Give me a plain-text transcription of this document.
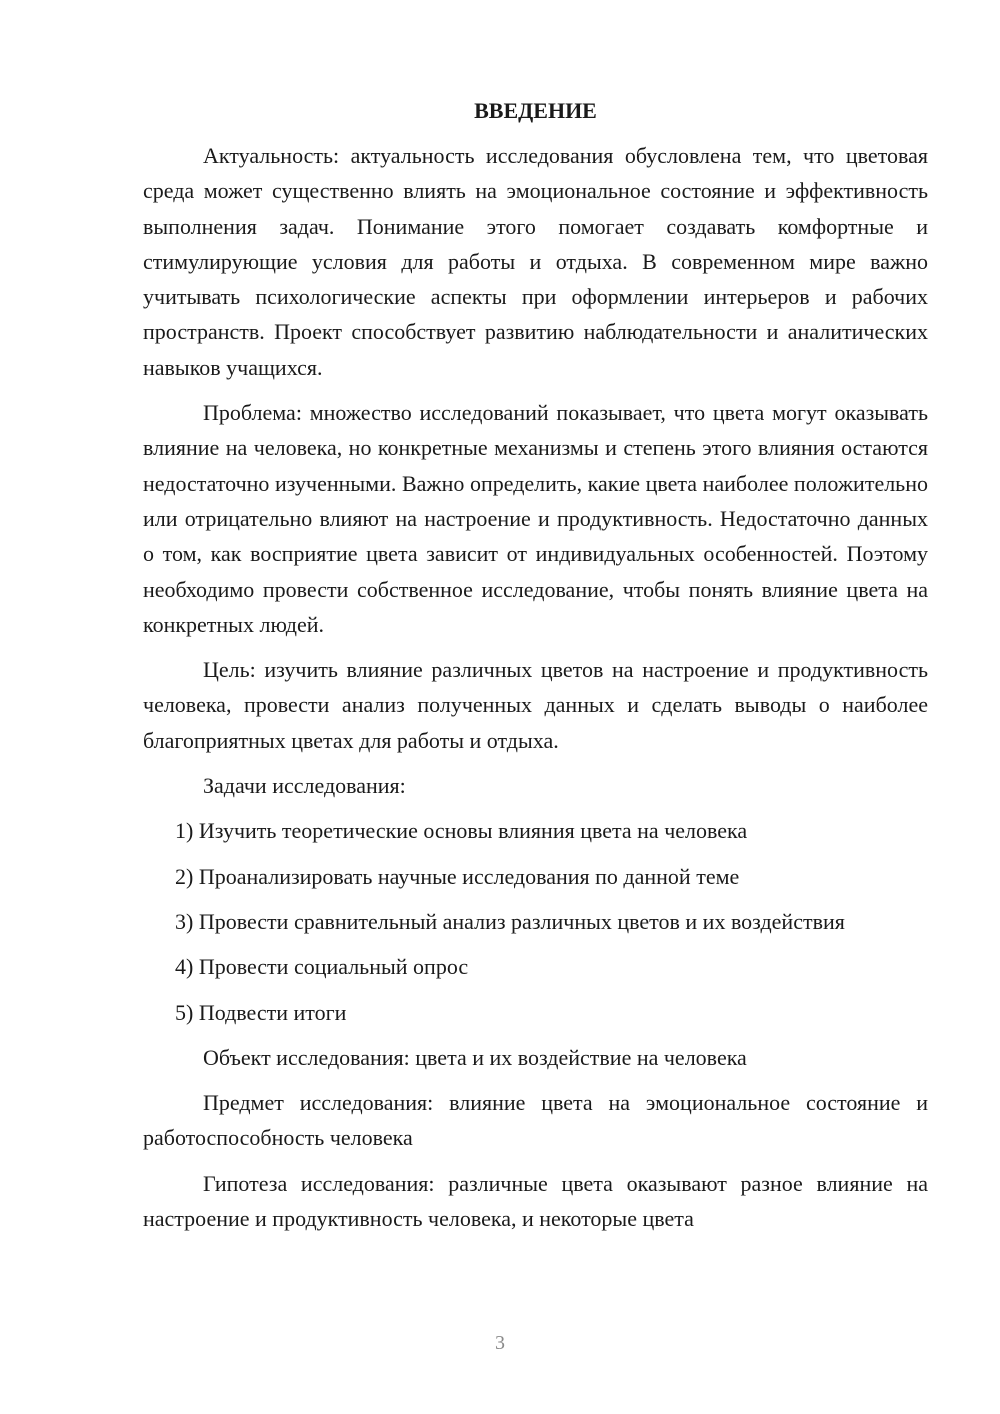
ВВЕДЕНИЕ

Актуальность: актуальность исследования обусловлена тем, что цветовая среда может существенно влиять на эмоциональное состояние и эффективность выполнения задач. Понимание этого помогает создавать комфортные и стимулирующие условия для работы и отдыха. В современном мире важно учитывать психологические аспекты при оформлении интерьеров и рабочих пространств. Проект способствует развитию наблюдательности и аналитических навыков учащихся.

Проблема: множество исследований показывает, что цвета могут оказывать влияние на человека, но конкретные механизмы и степень этого влияния остаются недостаточно изученными. Важно определить, какие цвета наиболее положительно или отрицательно влияют на настроение и продуктивность. Недостаточно данных о том, как восприятие цвета зависит от индивидуальных особенностей. Поэтому необходимо провести собственное исследование, чтобы понять влияние цвета на конкретных людей.

Цель: изучить влияние различных цветов на настроение и продуктивность человека, провести анализ полученных данных и сделать выводы о наиболее благоприятных цветах для работы и отдыха.

Задачи исследования:

1) Изучить теоретические основы влияния цвета на человека

2) Проанализировать научные исследования по данной теме

3) Провести сравнительный анализ различных цветов и их воздействия

4) Провести социальный опрос

5) Подвести итоги

Объект исследования: цвета и их воздействие на человека

Предмет исследования: влияние цвета на эмоциональное состояние и работоспособность человека

Гипотеза исследования: различные цвета оказывают разное влияние на настроение и продуктивность человека, и некоторые цвета

3
